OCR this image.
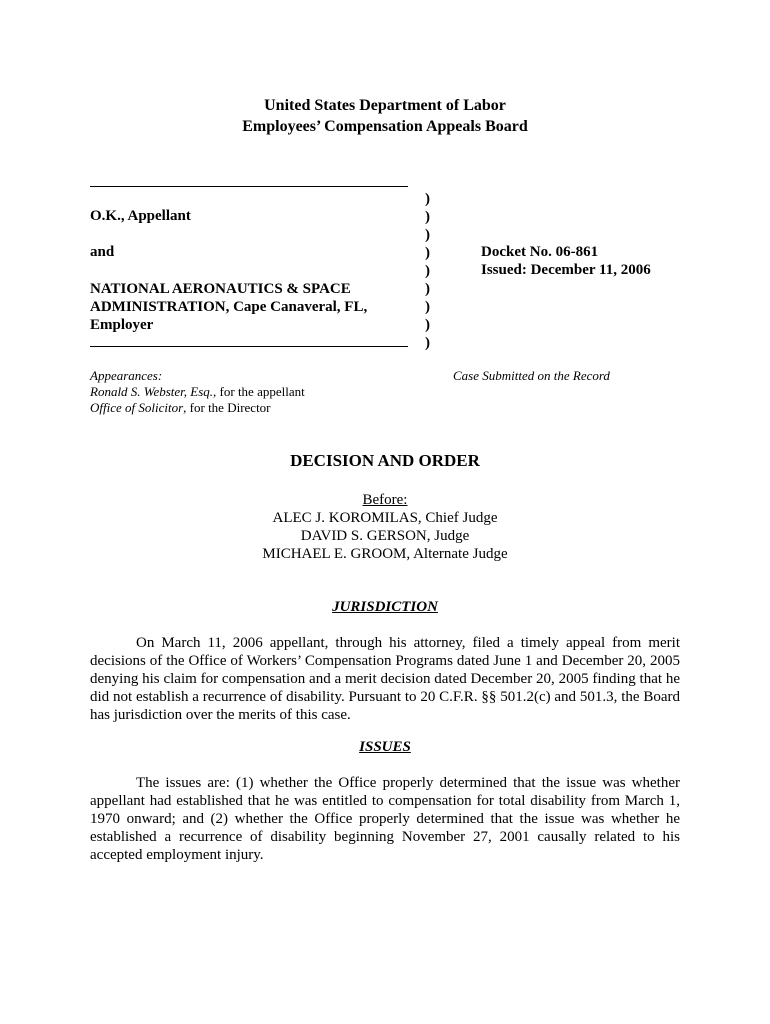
United States Department of Labor
Employees’ Compensation Appeals Board
O.K., Appellant
and
NATIONAL AERONAUTICS & SPACE
ADMINISTRATION, Cape Canaveral, FL,
Employer
)
)
)
)
)
)
)
)
)
Docket No. 06-861
Issued: December 11, 2006
Appearances:
Ronald S. Webster, Esq., for the appellant
Office of Solicitor, for the Director
Case Submitted on the Record
DECISION AND ORDER
Before:
ALEC J. KOROMILAS, Chief Judge
DAVID S. GERSON, Judge
MICHAEL E. GROOM, Alternate Judge
JURISDICTION
On March 11, 2006 appellant, through his attorney, filed a timely appeal from merit decisions of the Office of Workers’ Compensation Programs dated June 1 and December 20, 2005 denying his claim for compensation and a merit decision dated December 20, 2005 finding that he did not establish a recurrence of disability. Pursuant to 20 C.F.R. §§ 501.2(c) and 501.3, the Board has jurisdiction over the merits of this case.
ISSUES
The issues are: (1) whether the Office properly determined that the issue was whether appellant had established that he was entitled to compensation for total disability from March 1, 1970 onward; and (2) whether the Office properly determined that the issue was whether he established a recurrence of disability beginning November 27, 2001 causally related to his accepted employment injury.
